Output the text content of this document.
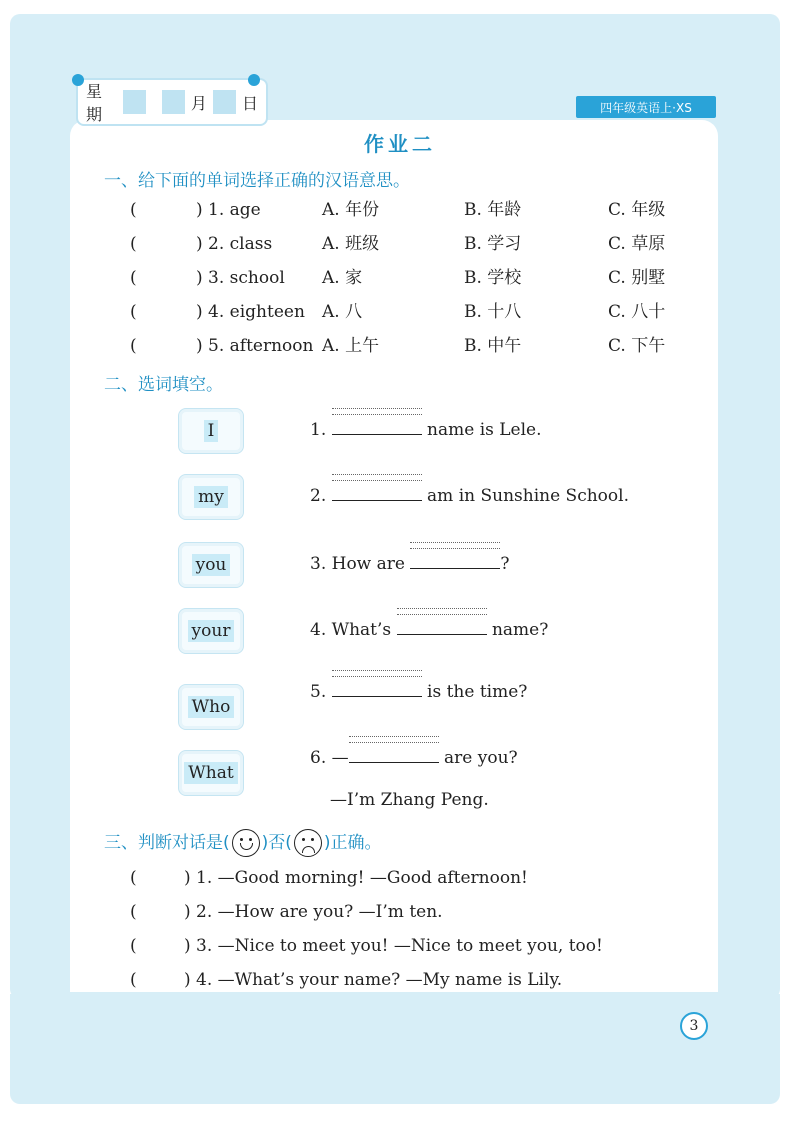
星期
月 日	四年级英语上·XS
作业二
一、给下面的单词选择正确的汉语意思。
(	) 1. age	A. 年份	B. 年龄	C. 年级
(	) 2. class	A. 班级	B. 学习	C. 草原
(	) 3. school A. 家	B. 学校	C. 别墅
(	) 4. eighteen A. 八	B. 十八	C. 八十
(	) 5. afternoon A. 上午	B. 中午	C. 下午
二、选词填空。
I
my
you
your
Who
What
1.	name is Lele.
2.	am in Sunshine School.
3. How are	?
4. What’s	name?
5.	is the time?
6. —	are you?
—I’m Zhang Peng.
三、判断对话是( )否( )正确。
(	) 1. —Good morning! —Good afternoon!
(	) 2. —How are you? —I’m ten.
(	) 3. —Nice to meet you! —Nice to meet you, too!
(	) 4. —What’s your name? —My name is Lily.
3
